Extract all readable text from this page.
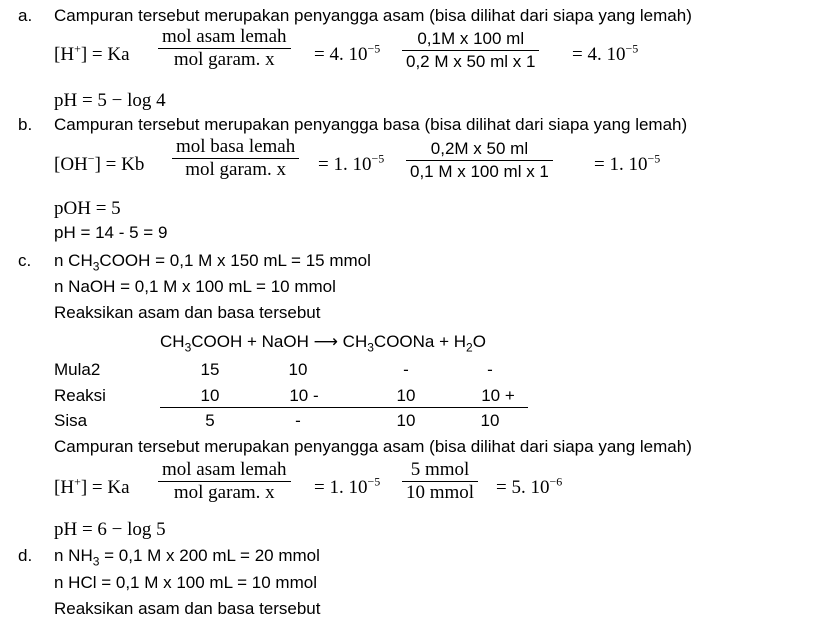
a. Campuran tersebut merupakan penyangga asam (bisa dilihat dari siapa yang lemah)
[H+] = Ka
mol asam lemah
mol garam. x	= 4. $10^{-5} \frac{\text{0,1M x 100 ml}}{\text{0,2 M x 50 ml x 1}} = 4$. $10^{-5}$
pH = 5 − log 4
b. Campuran tersebut merupakan penyangga basa (bisa dilihat dari siapa yang lemah)
[OH−] = Kb
mol basa lemah
mol garam. x	= 1. $10^{-5} \frac{\text{0,2M x 50 ml}}{\text{0,1 M x 100 ml x 1}} = 1$. $10^{-5}$
pOH = 5
pH = 14 - 5 = 9
c. n $CH_3COOH = 0,1$ M x 150 mL = 15 mmol
n NaOH = 0,1 M x 100 mL = 10 mmol
Reaksikan asam dan basa tersebut
$CH_3COOH$ + NaOH ⟶ $CH_3COONa + H_2O$
Mula2	15	10	-	-
Reaksi	10	10 -	10	10 +
Sisa	5	-	10	10
Campuran tersebut merupakan penyangga asam (bisa dilihat dari siapa yang lemah)
[H+] = Ka
mol asam lemah
mol garam. x	= 1. $10^{-5}$
5 mmol
10 mmol = 5. $10^{-6}$
pH = 6 − log 5
d. n $NH_3 = 0,1$ M x 200 mL = 20 mmol
n HCl = 0,1 M x 100 mL = 10 mmol
Reaksikan asam dan basa tersebut
